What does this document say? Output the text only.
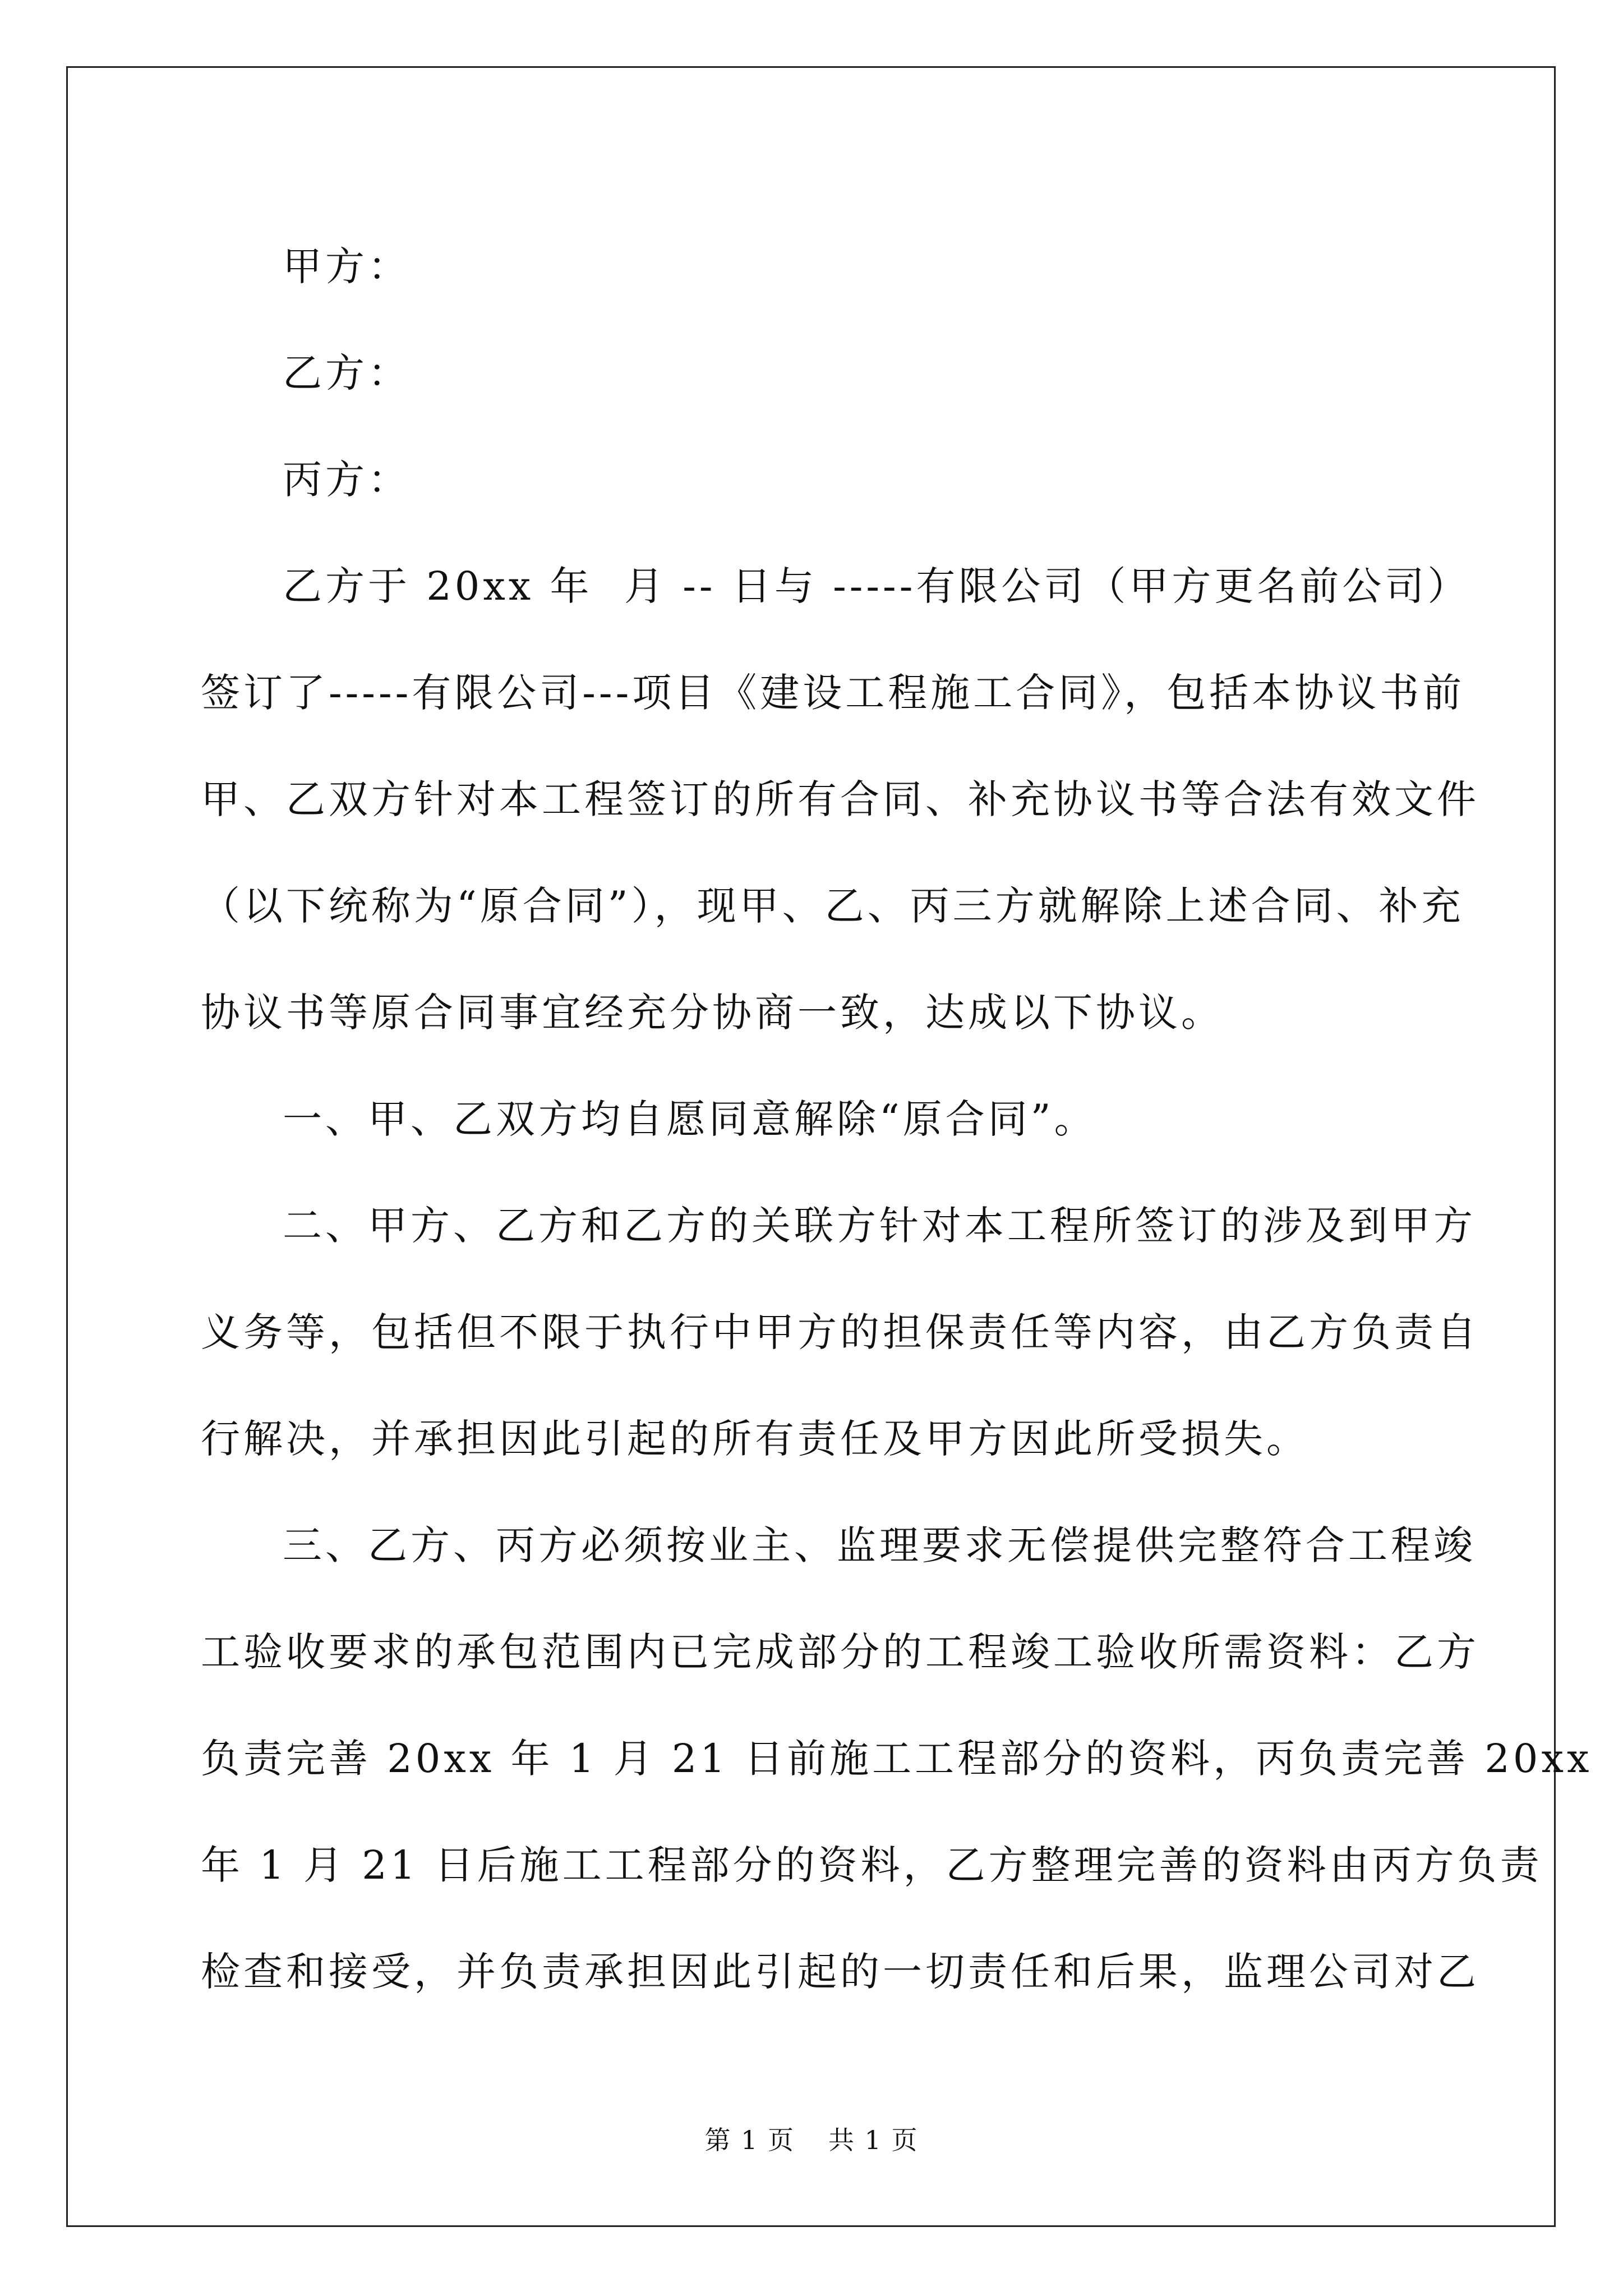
甲方：
乙方：
丙方：
乙方于 20xx 年  月 -- 日与 -----有限公司（甲方更名前公司）
签订了-----有限公司---项目《建设工程施工合同》，包括本协议书前
甲、乙双方针对本工程签订的所有合同、补充协议书等合法有效文件
（以下统称为“原合同”），现甲、乙、丙三方就解除上述合同、补充
协议书等原合同事宜经充分协商一致，达成以下协议。
一、甲、乙双方均自愿同意解除“原合同”。
二、甲方、乙方和乙方的关联方针对本工程所签订的涉及到甲方
义务等，包括但不限于执行中甲方的担保责任等内容，由乙方负责自
行解决，并承担因此引起的所有责任及甲方因此所受损失。
三、乙方、丙方必须按业主、监理要求无偿提供完整符合工程竣
工验收要求的承包范围内已完成部分的工程竣工验收所需资料：乙方
负责完善 20xx 年 1 月 21 日前施工工程部分的资料，丙负责完善 20xx
年 1 月 21 日后施工工程部分的资料，乙方整理完善的资料由丙方负责
检查和接受，并负责承担因此引起的一切责任和后果，监理公司对乙
第 1 页 共 1 页
